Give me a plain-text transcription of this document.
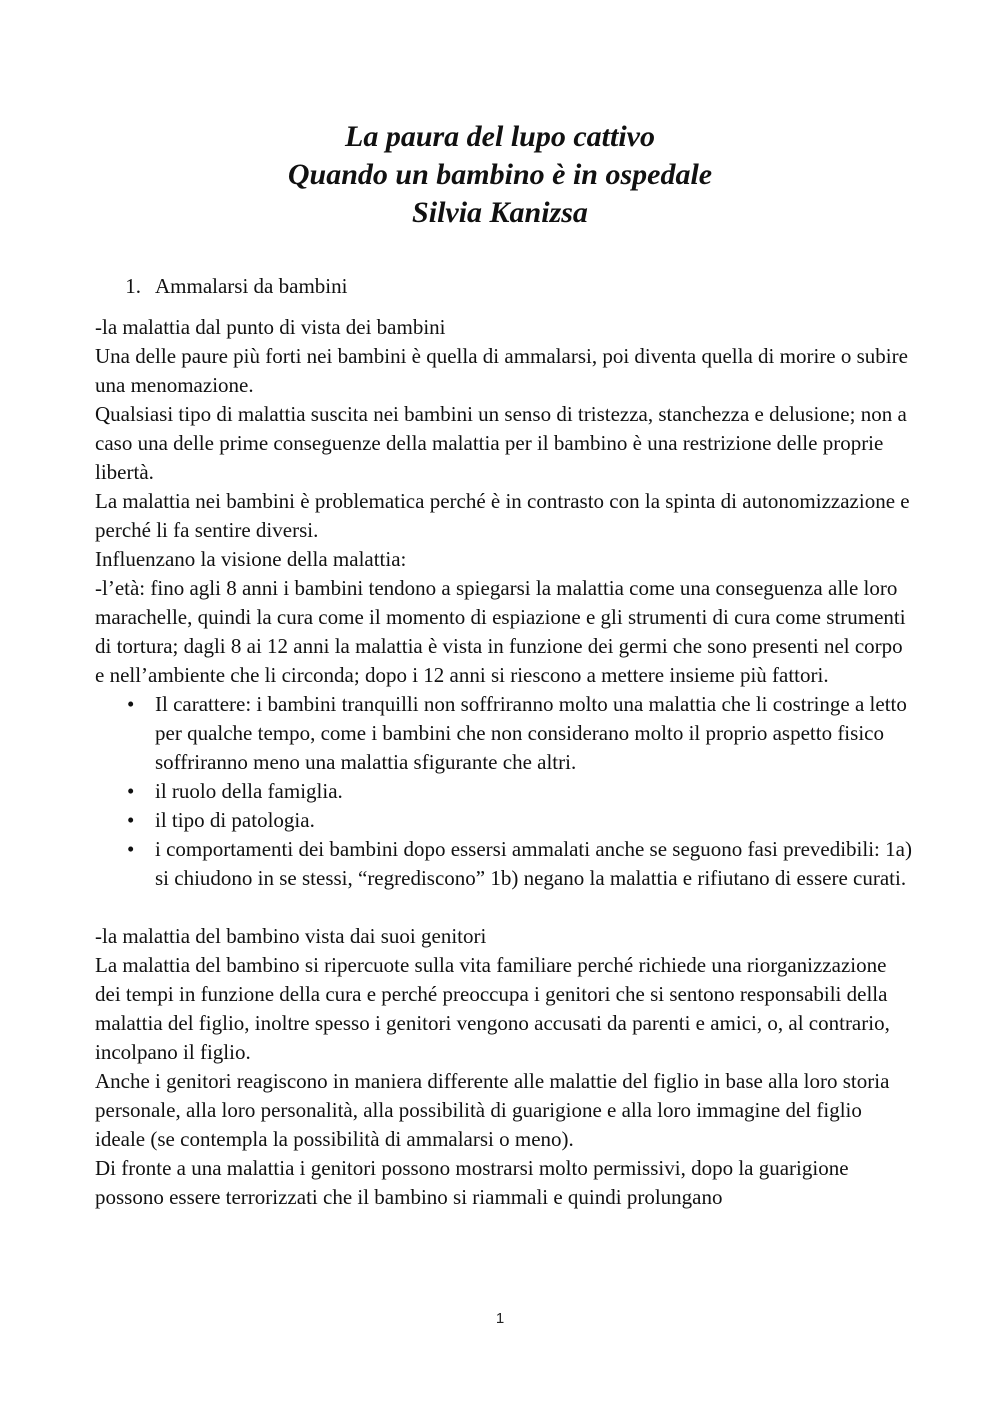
La paura del lupo cattivo

Quando un bambino è in ospedale

Silvia Kanizsa

1. Ammalarsi da bambini

-la malattia dal punto di vista dei bambini

Una delle paure più forti nei bambini è quella di ammalarsi, poi diventa quella di morire o subire una menomazione.

Qualsiasi tipo di malattia suscita nei bambini un senso di tristezza, stanchezza e delusione; non a caso una delle prime conseguenze della malattia per il bambino è una restrizione delle proprie libertà.

La malattia nei bambini è problematica perché è in contrasto con la spinta di autonomizzazione e perché li fa sentire diversi.

Influenzano la visione della malattia:

-l’età: fino agli 8 anni i bambini tendono a spiegarsi la malattia come una conseguenza alle loro marachelle, quindi la cura come il momento di espiazione e gli strumenti di cura come strumenti di tortura; dagli 8 ai 12 anni la malattia è vista in funzione dei germi che sono presenti nel corpo e nell’ambiente che li circonda; dopo i 12 anni si riescono a mettere insieme più fattori.

• Il carattere: i bambini tranquilli non soffriranno molto una malattia che li costringe a letto per qualche tempo, come i bambini che non considerano molto il proprio aspetto fisico soffriranno meno una malattia sfigurante che altri.
• il ruolo della famiglia.
• il tipo di patologia.
• i comportamenti dei bambini dopo essersi ammalati anche se seguono fasi prevedibili: 1a) si chiudono in se stessi, “regrediscono” 1b) negano la malattia e rifiutano di essere curati.

-la malattia del bambino vista dai suoi genitori

La malattia del bambino si ripercuote sulla vita familiare perché richiede una riorganizzazione dei tempi in funzione della cura e perché preoccupa i genitori che si sentono responsabili della malattia del figlio, inoltre spesso i genitori vengono accusati da parenti e amici, o, al contrario, incolpano il figlio.

Anche i genitori reagiscono in maniera differente alle malattie del figlio in base alla loro storia personale, alla loro personalità, alla possibilità di guarigione e alla loro immagine del figlio ideale (se contempla la possibilità di ammalarsi o meno).

Di fronte a una malattia i genitori possono mostrarsi molto permissivi, dopo la guarigione possono essere terrorizzati che il bambino si riammali e quindi prolungano

1
